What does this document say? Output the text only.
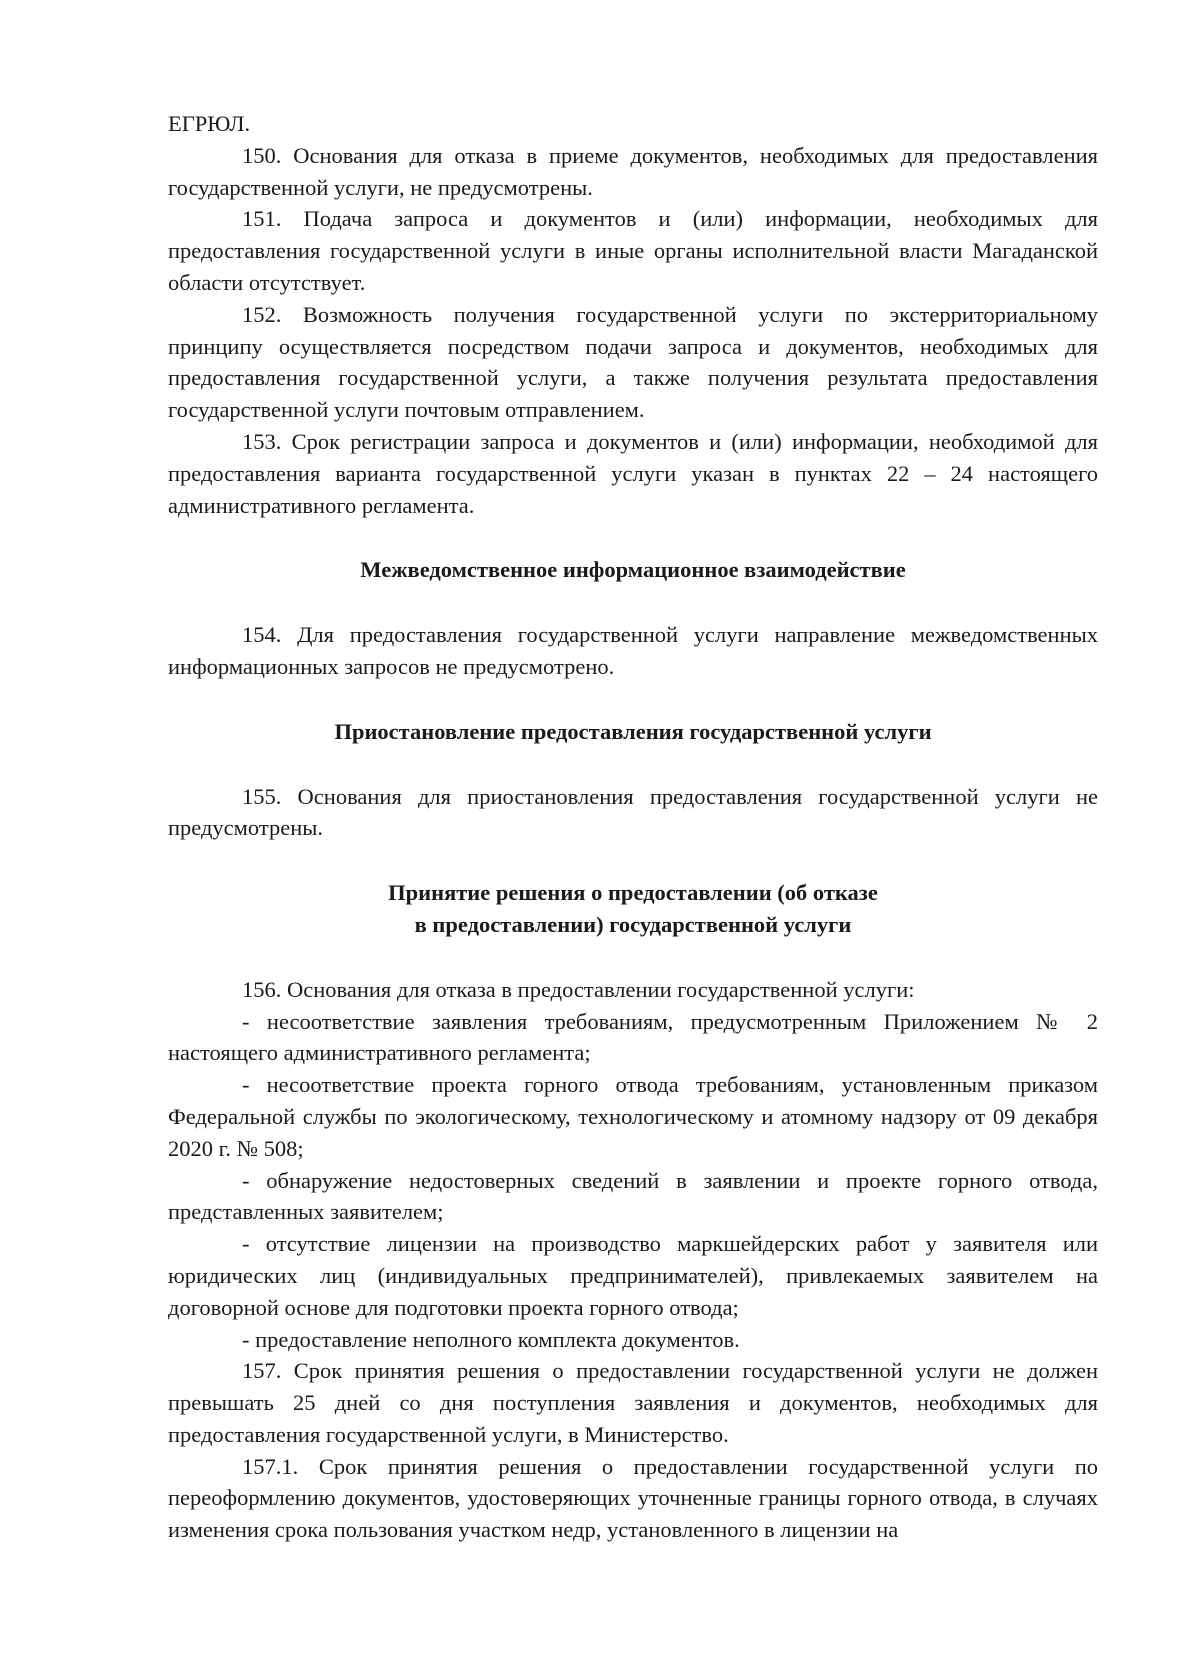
ЕГРЮЛ.

150. Основания для отказа в приеме документов, необходимых для предоставления государственной услуги, не предусмотрены.

151. Подача запроса и документов и (или) информации, необходимых для предоставления государственной услуги в иные органы исполнительной власти Магаданской области отсутствует.

152. Возможность получения государственной услуги по экстерриториальному принципу осуществляется посредством подачи запроса и документов, необходимых для предоставления государственной услуги, а также получения результата предоставления государственной услуги почтовым отправлением.

153. Срок регистрации запроса и документов и (или) информации, необходимой для предоставления варианта государственной услуги указан в пунктах 22 – 24 настоящего административного регламента.

Межведомственное информационное взаимодействие

154. Для предоставления государственной услуги направление межведомственных информационных запросов не предусмотрено.

Приостановление предоставления государственной услуги

155. Основания для приостановления предоставления государственной услуги не предусмотрены.

Принятие решения о предоставлении (об отказе

в предоставлении) государственной услуги

156. Основания для отказа в предоставлении государственной услуги:

- несоответствие заявления требованиям, предусмотренным Приложением № 2 настоящего административного регламента;

- несоответствие проекта горного отвода требованиям, установленным приказом Федеральной службы по экологическому, технологическому и атомному надзору от 09 декабря 2020 г. № 508;

- обнаружение недостоверных сведений в заявлении и проекте горного отвода, представленных заявителем;

- отсутствие лицензии на производство маркшейдерских работ у заявителя или юридических лиц (индивидуальных предпринимателей), привлекаемых заявителем на договорной основе для подготовки проекта горного отвода;

- предоставление неполного комплекта документов.

157. Срок принятия решения о предоставлении государственной услуги не должен превышать 25 дней со дня поступления заявления и документов, необходимых для предоставления государственной услуги, в Министерство.

157.1. Срок принятия решения о предоставлении государственной услуги по переоформлению документов, удостоверяющих уточненные границы горного отвода, в случаях изменения срока пользования участком недр, установленного в лицензии на
